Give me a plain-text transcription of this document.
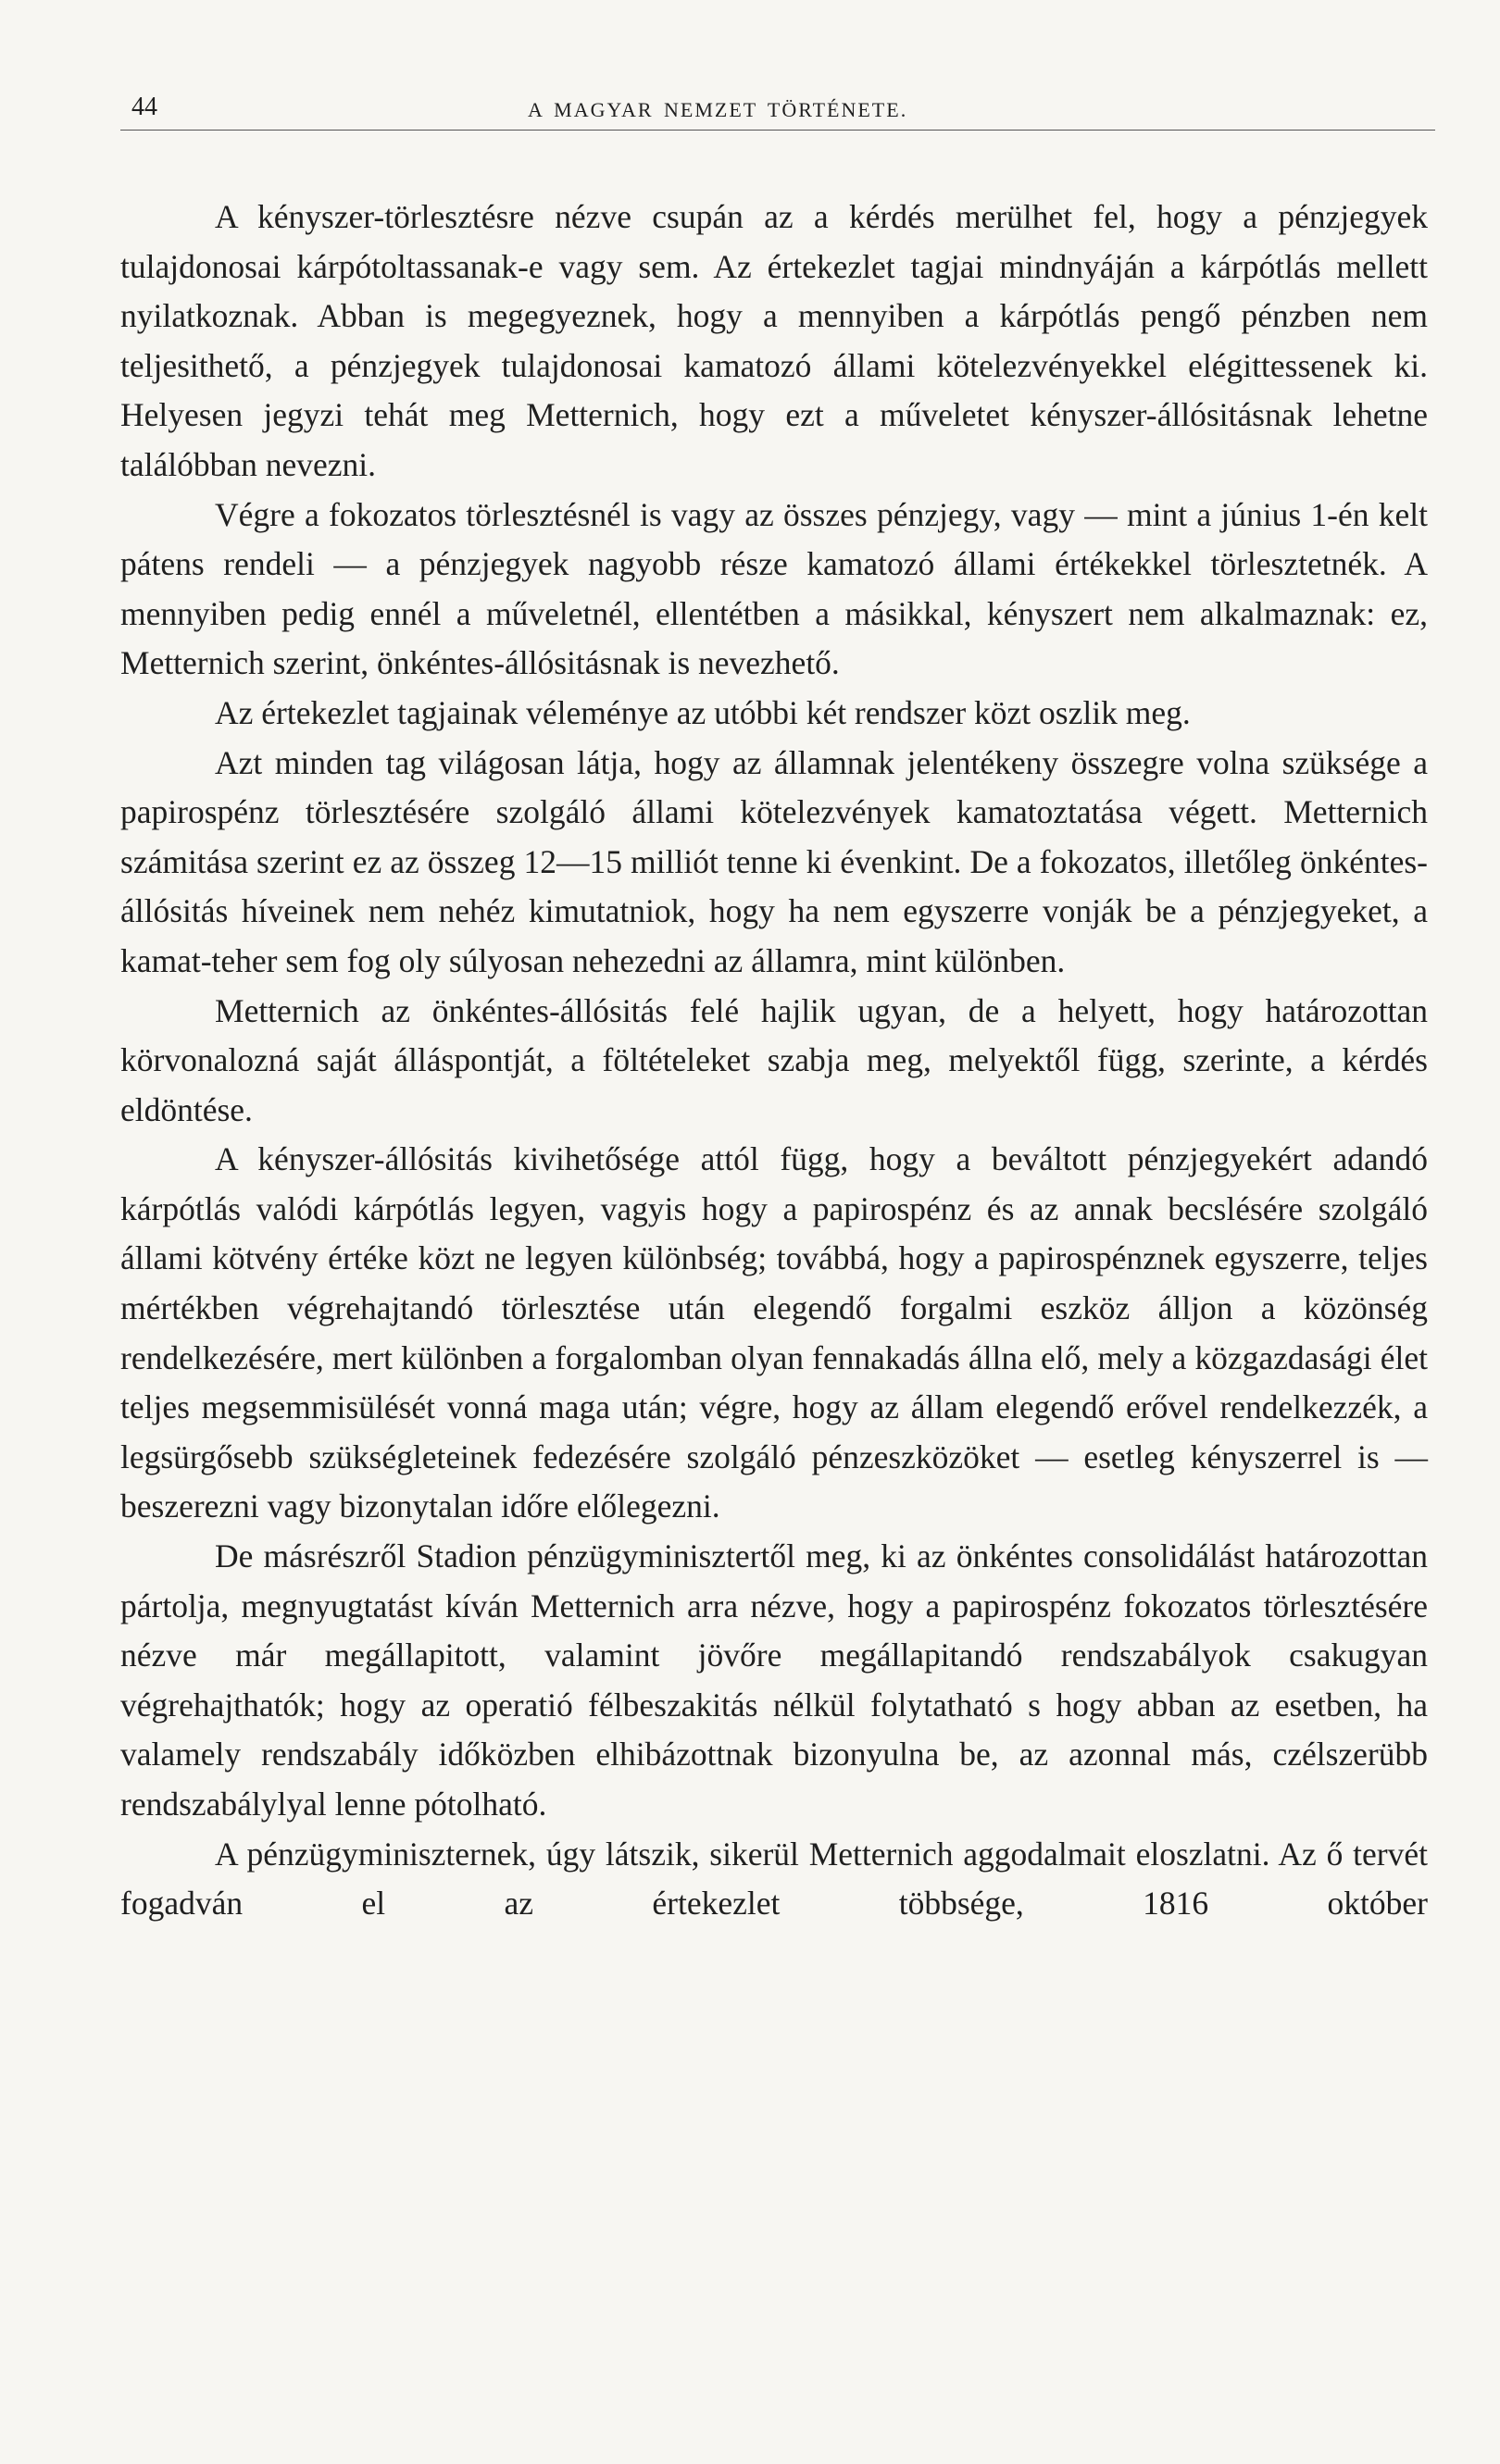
44	A MAGYAR NEMZET TÖRTÉNETE.

A kényszer-törlesztésre nézve csupán az a kérdés merülhet fel, hogy a pénzjegyek tulajdonosai kárpótoltassanak-e vagy sem. Az értekezlet tagjai mindnyáján a kárpótlás mellett nyilatkoznak. Abban is megegyeznek, hogy a mennyiben a kárpótlás pengő pénzben nem teljesithető, a pénzjegyek tulajdonosai kamatozó állami kötelezvényekkel elégittessenek ki. Helyesen jegyzi tehát meg Metternich, hogy ezt a műveletet kényszer-állósitásnak lehetne találóbban nevezni.

Végre a fokozatos törlesztésnél is vagy az összes pénzjegy, vagy — mint a június 1-én kelt pátens rendeli — a pénzjegyek nagyobb része kamatozó állami értékekkel törlesztetnék. A mennyiben pedig ennél a műveletnél, ellentétben a másikkal, kényszert nem alkalmaznak: ez, Metternich szerint, önkéntes-állósitásnak is nevezhető.

Az értekezlet tagjainak véleménye az utóbbi két rendszer közt oszlik meg.

Azt minden tag világosan látja, hogy az államnak jelentékeny összegre volna szüksége a papirospénz törlesztésére szolgáló állami kötelezvények kamatoztatása végett. Metternich számitása szerint ez az összeg 12—15 milliót tenne ki évenkint. De a fokozatos, illetőleg önkéntes-állósitás híveinek nem nehéz kimutatniok, hogy ha nem egyszerre vonják be a pénzjegyeket, a kamat-teher sem fog oly súlyosan nehezedni az államra, mint különben.

Metternich az önkéntes-állósitás felé hajlik ugyan, de a helyett, hogy határozottan körvonalozná saját álláspontját, a föltételeket szabja meg, melyektől függ, szerinte, a kérdés eldöntése.

A kényszer-állósitás kivihetősége attól függ, hogy a beváltott pénzjegyekért adandó kárpótlás valódi kárpótlás legyen, vagyis hogy a papirospénz és az annak becslésére szolgáló állami kötvény értéke közt ne legyen különbség; továbbá, hogy a papirospénznek egyszerre, teljes mértékben végrehajtandó törlesztése után elegendő forgalmi eszköz álljon a közönség rendelkezésére, mert különben a forgalomban olyan fennakadás állna elő, mely a közgazdasági élet teljes megsemmisülését vonná maga után; végre, hogy az állam elegendő erővel rendelkezzék, a legsürgősebb szükségleteinek fedezésére szolgáló pénzeszközöket — esetleg kényszerrel is — beszerezni vagy bizonytalan időre előlegezni.

De másrészről Stadion pénzügyminisztertől meg, ki az önkéntes consolidálást határozottan pártolja, megnyugtatást kíván Metternich arra nézve, hogy a papirospénz fokozatos törlesztésére nézve már megállapitott, valamint jövőre megállapitandó rendszabályok csakugyan végrehajthatók; hogy az operatió félbeszakitás nélkül folytatható s hogy abban az esetben, ha valamely rendszabály időközben elhibázottnak bizonyulna be, az azonnal más, czélszerübb rendszabálylyal lenne pótolható.

A pénzügyminiszternek, úgy látszik, sikerül Metternich aggodalmait eloszlatni. Az ő tervét fogadván el az értekezlet többsége, 1816 október
